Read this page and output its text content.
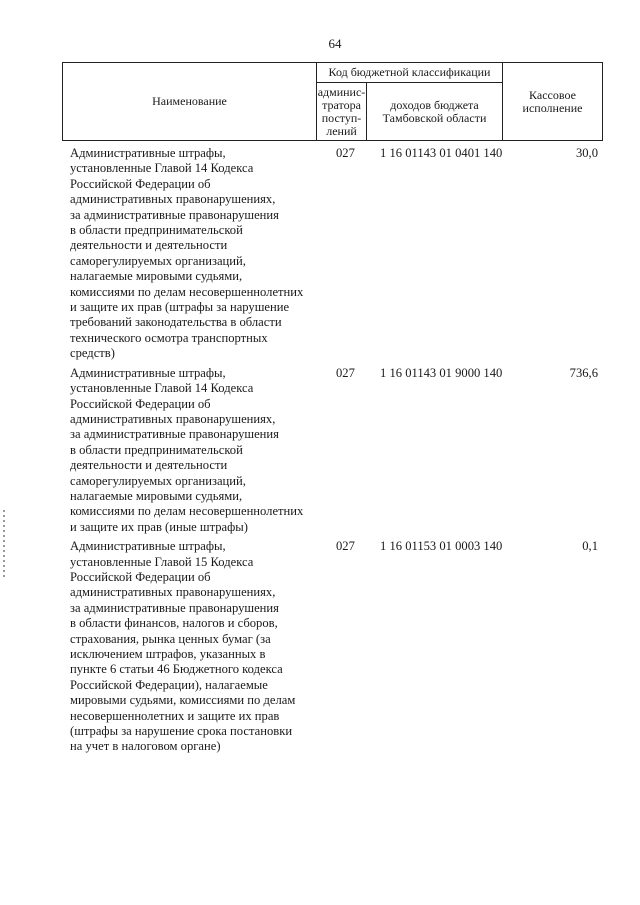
64
Наименование	Код бюджетной классификации		Кассовое
исполнение
	админис-
тратора
поступ-
лений	доходов бюджета
Тамбовской области	
Административные штрафы,
установленные Главой 14 Кодекса
Российской Федерации об
административных правонарушениях,
за административные правонарушения
в области предпринимательской
деятельности и деятельности
саморегулируемых организаций,
налагаемые мировыми судьями,
комиссиями по делам несовершеннолетних
и защите их прав (штрафы за нарушение
требований законодательства в области
технического осмотра транспортных
средств)
027 1 16 01143 01 0401 140	30,0
Административные штрафы,
установленные Главой 14 Кодекса
Российской Федерации об
административных правонарушениях,
за административные правонарушения
в области предпринимательской
деятельности и деятельности
саморегулируемых организаций,
налагаемые мировыми судьями,
комиссиями по делам несовершеннолетних
и защите их прав (иные штрафы)
027 1 16 01143 01 9000 140	736,6
Административные штрафы,
установленные Главой 15 Кодекса
Российской Федерации об
административных правонарушениях,
за административные правонарушения
в области финансов, налогов и сборов,
страхования, рынка ценных бумаг (за
исключением штрафов, указанных в
пункте 6 статьи 46 Бюджетного кодекса
Российской Федерации), налагаемые
мировыми судьями, комиссиями по делам
несовершеннолетних и защите их прав
(штрафы за нарушение срока постановки
на учет в налоговом органе)
027 1 16 01153 01 0003 140	0,1
